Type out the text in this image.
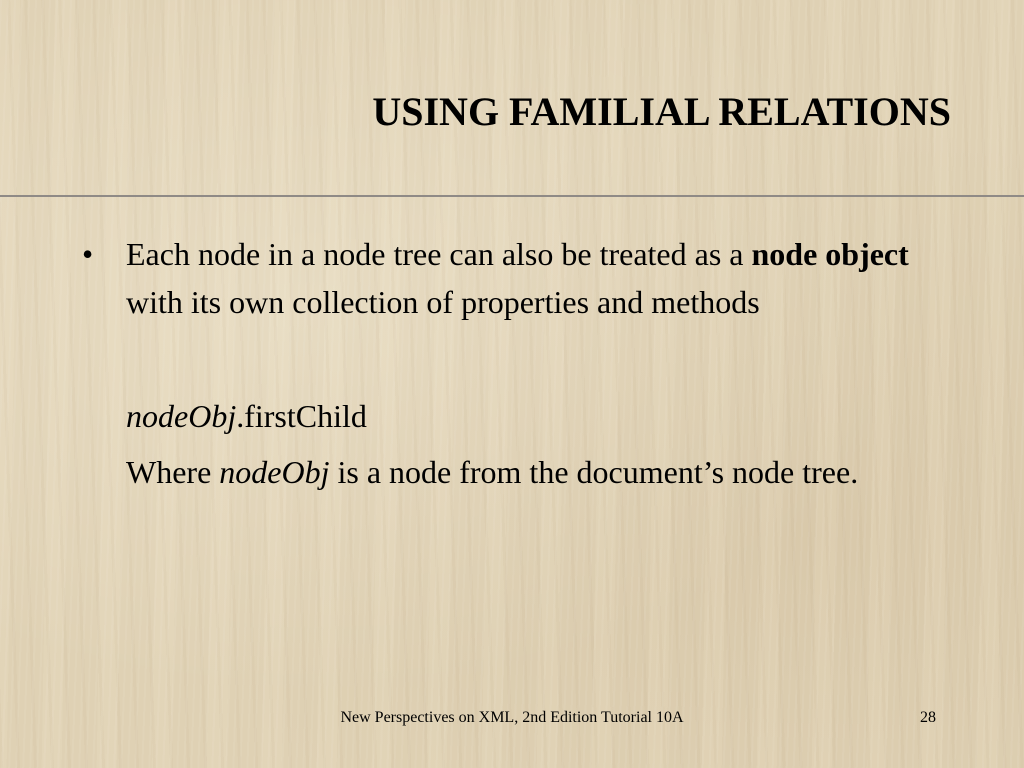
USING FAMILIAL RELATIONS
• Each node in a node tree can also be treated as a node object with its own collection of properties and methods
nodeObj.firstChild
Where nodeObj is a node from the document’s node tree.
New Perspectives on XML, 2nd Edition Tutorial 10A	28
